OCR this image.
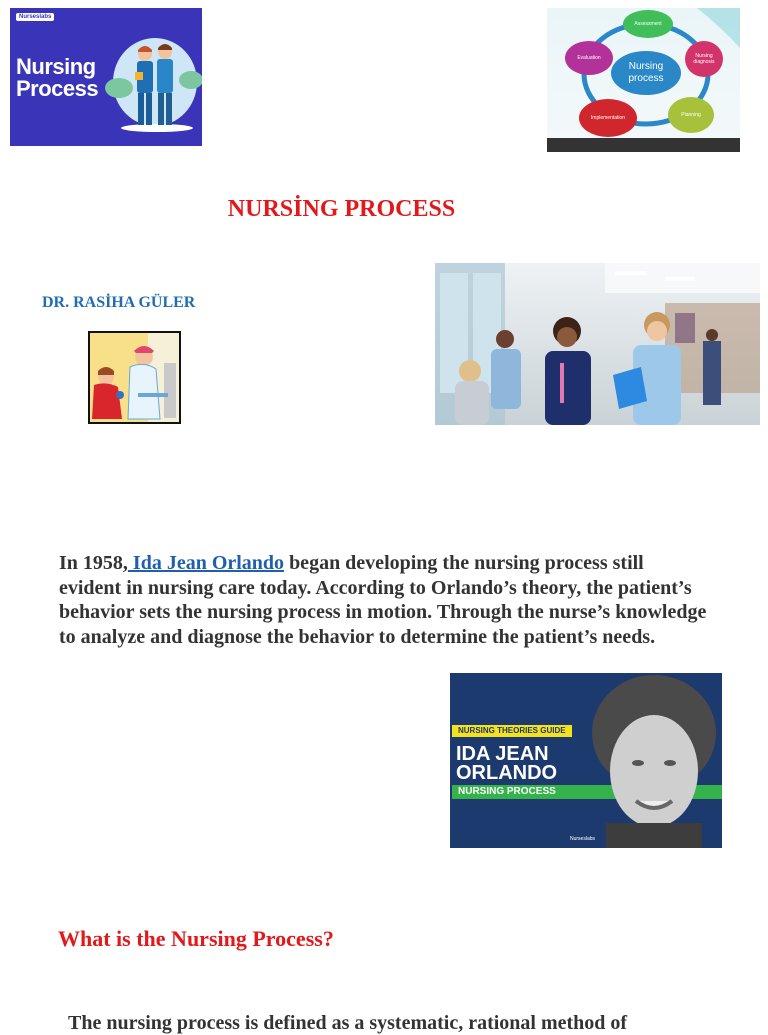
Nurseslabs
Nursing
Process
Nursing
process
Assessment
Nursing
diagnosis
Planning
Implementation
Evaluation
NURSİNG PROCESS
DR. RASİHA GÜLER
In 1958, Ida Jean Orlando began developing the nursing process still evident in nursing care today. According to Orlando’s theory, the patient’s behavior sets the nursing process in motion. Through the nurse’s knowledge to analyze and diagnose the behavior to determine the patient’s needs.
NURSING THEORIES GUIDE
IDA JEAN
ORLANDO
NURSING PROCESS
Nurseslabs
What is the Nursing Process?
The nursing process is defined as a systematic, rational method of
